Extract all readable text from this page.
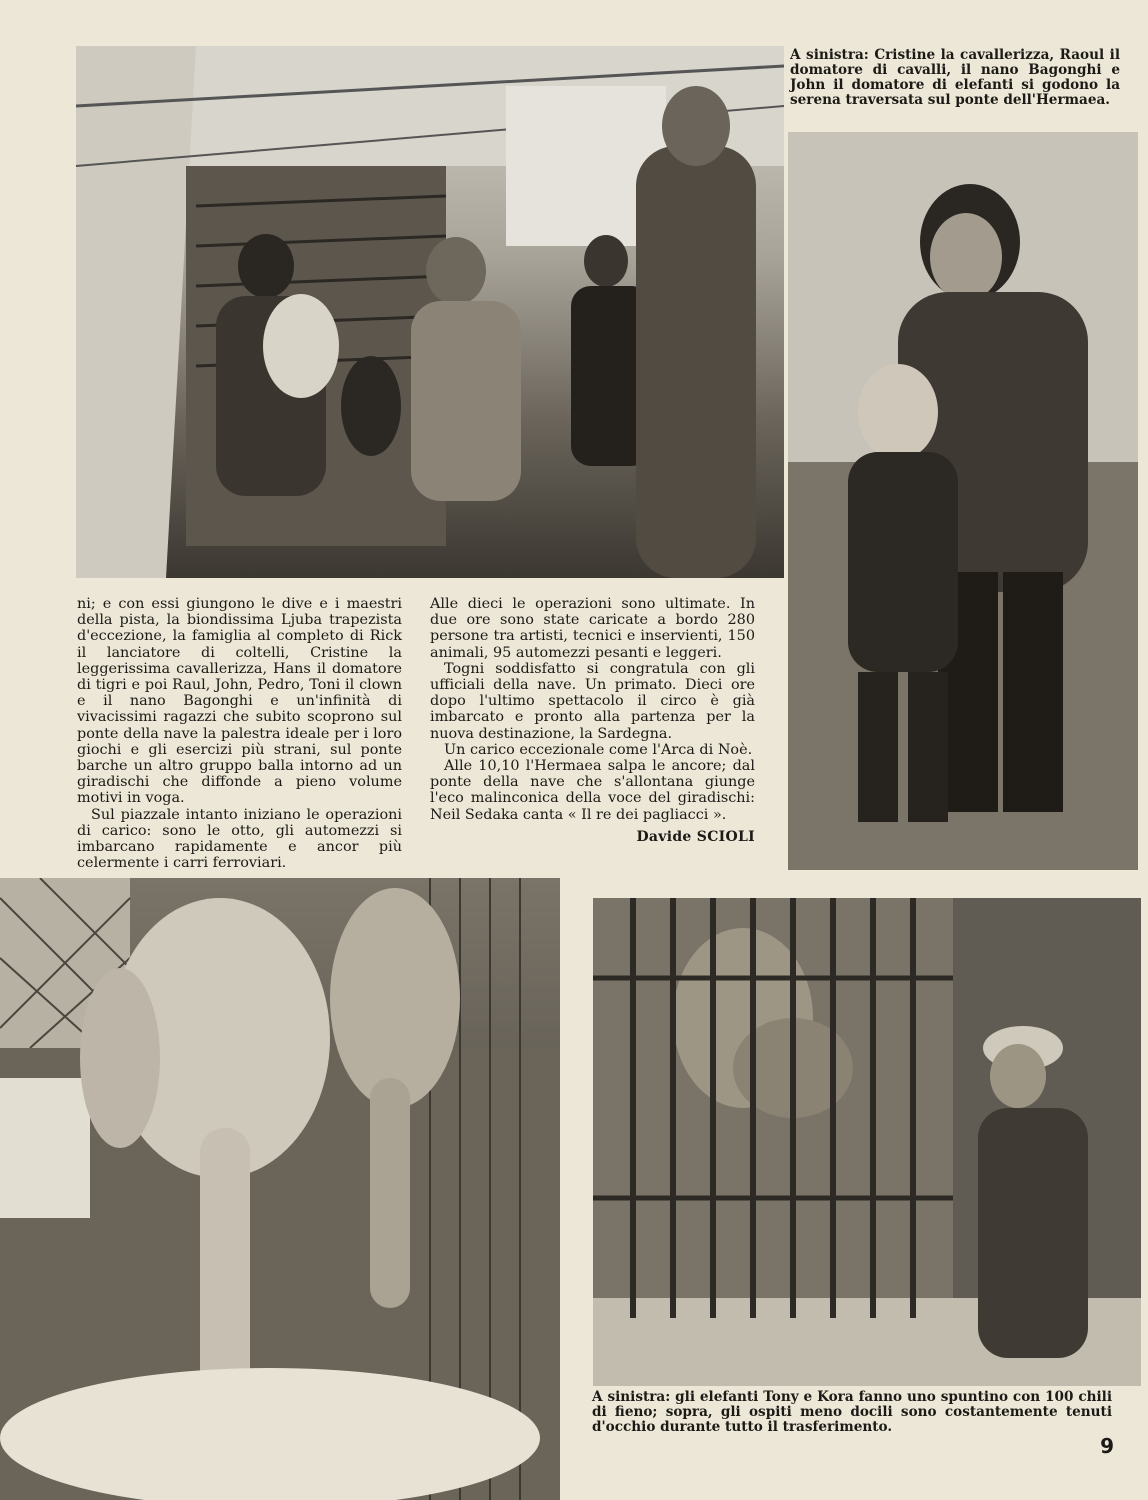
A sinistra: Cristine la cavallerizza, Raoul il domatore di cavalli, il nano Bagonghi e John il domatore di elefanti si godono la serena traversata sul ponte dell'Hermaea.

ni; e con essi giungono le dive e i maestri della pista, la biondissima Ljuba trapezista d'eccezione, la famiglia al completo di Rick il lanciatore di coltelli, Cristine la leggerissima cavallerizza, Hans il domatore di tigri e poi Raul, John, Pedro, Toni il clown e il nano Bagonghi e un'infinità di vivacissimi ragazzi che subito scoprono sul ponte della nave la palestra ideale per i loro giochi e gli esercizi più strani, sul ponte barche un altro gruppo balla intorno ad un giradischi che diffonde a pieno volume motivi in voga.

Sul piazzale intanto iniziano le operazioni di carico: sono le otto, gli automezzi si imbarcano rapidamente e ancor più celermente i carri ferroviari.

Alle dieci le operazioni sono ultimate. In due ore sono state caricate a bordo 280 persone tra artisti, tecnici e inservienti, 150 animali, 95 automezzi pesanti e leggeri.

Togni soddisfatto si congratula con gli ufficiali della nave. Un primato. Dieci ore dopo l'ultimo spettacolo il circo è già imbarcato e pronto alla partenza per la nuova destinazione, la Sardegna.

Un carico eccezionale come l'Arca di Noè.

Alle 10,10 l'Hermaea salpa le ancore; dal ponte della nave che s'allontana giunge l'eco malinconica della voce del giradischi: Neil Sedaka canta « Il re dei pagliacci ».

Davide SCIOLI

A sinistra: gli elefanti Tony e Kora fanno uno spuntino con 100 chili di fieno; sopra, gli ospiti meno docili sono costantemente tenuti d'occhio durante tutto il trasferimento.

9
